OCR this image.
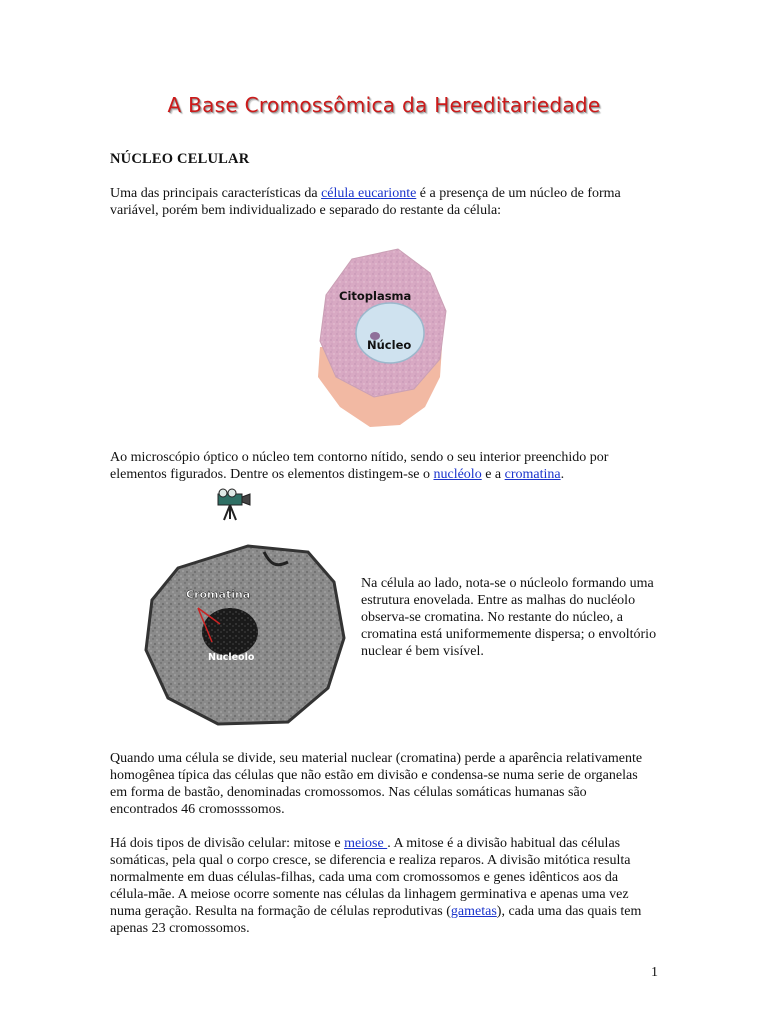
A Base Cromossômica da Hereditariedade
NÚCLEO CELULAR

Uma das principais características da célula eucarionte é a presença de um núcleo de forma variável, porém bem individualizado e separado do restante da célula:

Citoplasma
Núcleo

Ao microscópio óptico o núcleo tem contorno nítido, sendo o seu interior preenchido por elementos figurados. Dentre os elementos distingem-se o nucléolo e a cromatina.

Cromatina
Nucleolo

Na célula ao lado, nota-se o núcleolo formando uma estrutura enovelada. Entre as malhas do nucléolo observa-se cromatina. No restante do núcleo, a cromatina está uniformemente dispersa; o envoltório nuclear é bem visível.

Quando uma célula se divide, seu material nuclear (cromatina) perde a aparência relativamente homogênea típica das células que não estão em divisão e condensa-se numa serie de organelas em forma de bastão, denominadas cromossomos. Nas células somáticas humanas são encontrados 46 cromosssomos.

Há dois tipos de divisão celular: mitose e meiose . A mitose é a divisão habitual das células somáticas, pela qual o corpo cresce, se diferencia e realiza reparos. A divisão mitótica resulta normalmente em duas células-filhas, cada uma com cromossomos e genes idênticos aos da célula-mãe. A meiose ocorre somente nas células da linhagem germinativa e apenas uma vez numa geração. Resulta na formação de células reprodutivas (gametas), cada uma das quais tem apenas 23 cromossomos.

1
